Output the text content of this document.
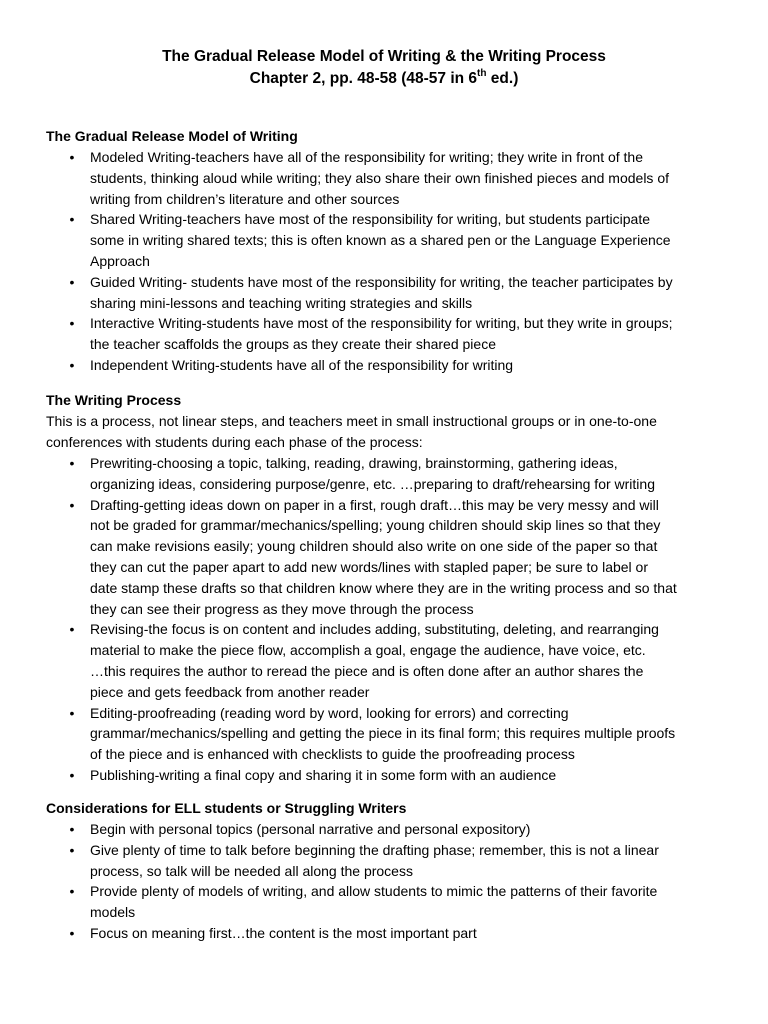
The Gradual Release Model of Writing & the Writing Process
Chapter 2, pp. 48-58 (48-57 in 6th ed.)
The Gradual Release Model of Writing
• Modeled Writing-teachers have all of the responsibility for writing; they write in front of the
students, thinking aloud while writing; they also share their own finished pieces and models of
writing from children’s literature and other sources
• Shared Writing-teachers have most of the responsibility for writing, but students participate
some in writing shared texts; this is often known as a shared pen or the Language Experience
Approach
• Guided Writing- students have most of the responsibility for writing, the teacher participates by
sharing mini-lessons and teaching writing strategies and skills
• Interactive Writing-students have most of the responsibility for writing, but they write in groups;
the teacher scaffolds the groups as they create their shared piece
• Independent Writing-students have all of the responsibility for writing
The Writing Process
This is a process, not linear steps, and teachers meet in small instructional groups or in one-to-one
conferences with students during each phase of the process:
• Prewriting-choosing a topic, talking, reading, drawing, brainstorming, gathering ideas,
organizing ideas, considering purpose/genre, etc. …preparing to draft/rehearsing for writing
• Drafting-getting ideas down on paper in a first, rough draft…this may be very messy and will
not be graded for grammar/mechanics/spelling; young children should skip lines so that they
can make revisions easily; young children should also write on one side of the paper so that
they can cut the paper apart to add new words/lines with stapled paper; be sure to label or
date stamp these drafts so that children know where they are in the writing process and so that
they can see their progress as they move through the process
• Revising-the focus is on content and includes adding, substituting, deleting, and rearranging
material to make the piece flow, accomplish a goal, engage the audience, have voice, etc.
…this requires the author to reread the piece and is often done after an author shares the
piece and gets feedback from another reader
• Editing-proofreading (reading word by word, looking for errors) and correcting
grammar/mechanics/spelling and getting the piece in its final form; this requires multiple proofs
of the piece and is enhanced with checklists to guide the proofreading process
• Publishing-writing a final copy and sharing it in some form with an audience
Considerations for ELL students or Struggling Writers
• Begin with personal topics (personal narrative and personal expository)
• Give plenty of time to talk before beginning the drafting phase; remember, this is not a linear
process, so talk will be needed all along the process
• Provide plenty of models of writing, and allow students to mimic the patterns of their favorite
models
• Focus on meaning first…the content is the most important part
